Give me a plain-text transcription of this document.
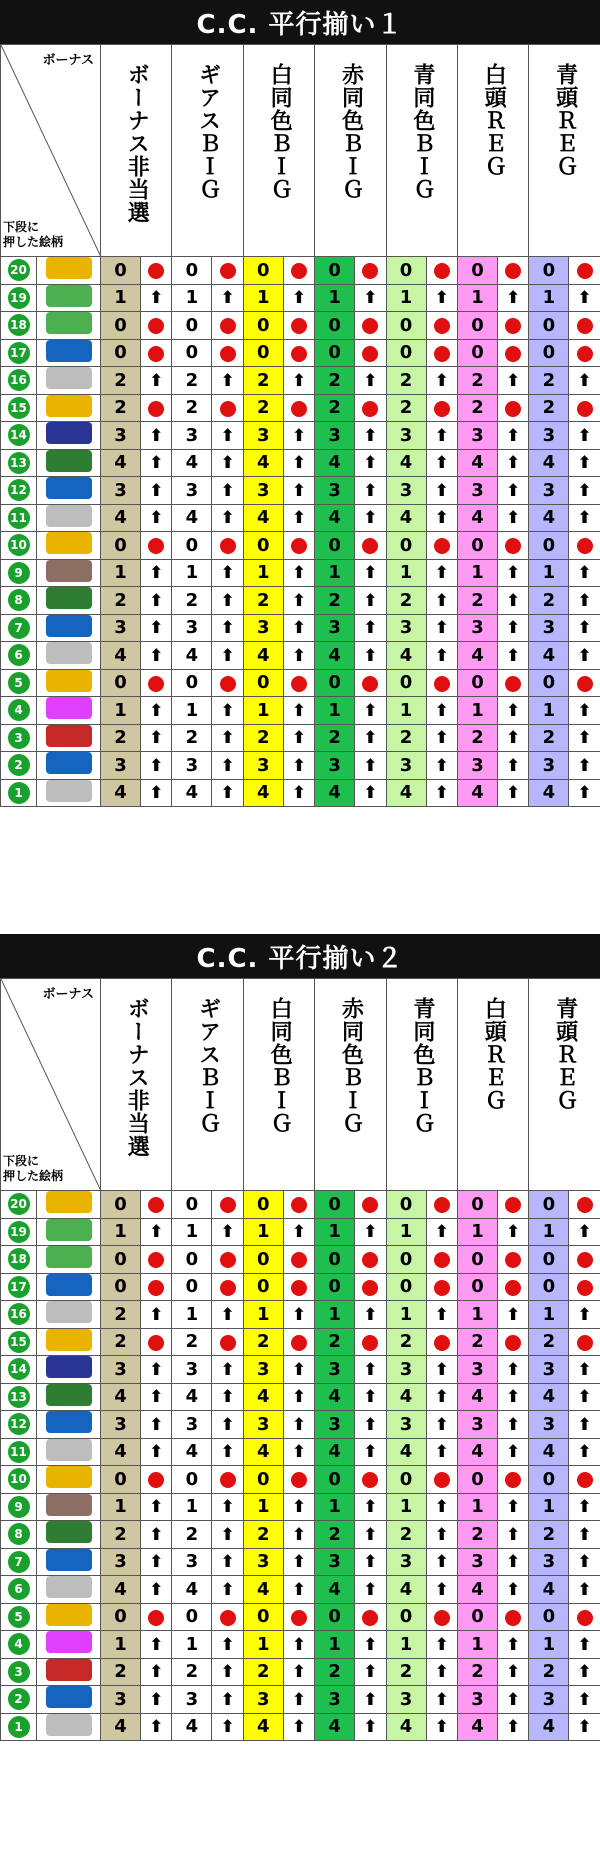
C.C. 平行揃い１
ボーナス
下段に
押した絵柄		ボーナス非当選		ギアスＢＩＧ		白同色ＢＩＧ		赤同色ＢＩＧ		青同色ＢＩＧ		白頭ＲＥＧ		青頭ＲＥＧ	

20		0		0		0		0		0		0		0	
19		1	⬆	1	⬆	1	⬆	1	⬆	1	⬆	1	⬆	1	⬆
18		0		0		0		0		0		0		0	
17		0		0		0		0		0		0		0	
16		2	⬆	2	⬆	2	⬆	2	⬆	2	⬆	2	⬆	2	⬆
15		2		2		2		2		2		2		2	
14		3	⬆	3	⬆	3	⬆	3	⬆	3	⬆	3	⬆	3	⬆
13		4	⬆	4	⬆	4	⬆	4	⬆	4	⬆	4	⬆	4	⬆
12		3	⬆	3	⬆	3	⬆	3	⬆	3	⬆	3	⬆	3	⬆
11		4	⬆	4	⬆	4	⬆	4	⬆	4	⬆	4	⬆	4	⬆
10		0		0		0		0		0		0		0	
9		1	⬆	1	⬆	1	⬆	1	⬆	1	⬆	1	⬆	1	⬆
8		2	⬆	2	⬆	2	⬆	2	⬆	2	⬆	2	⬆	2	⬆
7		3	⬆	3	⬆	3	⬆	3	⬆	3	⬆	3	⬆	3	⬆
6		4	⬆	4	⬆	4	⬆	4	⬆	4	⬆	4	⬆	4	⬆
5		0		0		0		0		0		0		0	
4		1	⬆	1	⬆	1	⬆	1	⬆	1	⬆	1	⬆	1	⬆
3		2	⬆	2	⬆	2	⬆	2	⬆	2	⬆	2	⬆	2	⬆
2		3	⬆	3	⬆	3	⬆	3	⬆	3	⬆	3	⬆	3	⬆
1		4	⬆	4	⬆	4	⬆	4	⬆	4	⬆	4	⬆	4	⬆
C.C. 平行揃い２
ボーナス
下段に
押した絵柄		ボーナス非当選		ギアスＢＩＧ		白同色ＢＩＧ		赤同色ＢＩＧ		青同色ＢＩＧ		白頭ＲＥＧ		青頭ＲＥＧ	

20		0		0		0		0		0		0		0	
19		1	⬆	1	⬆	1	⬆	1	⬆	1	⬆	1	⬆	1	⬆
18		0		0		0		0		0		0		0	
17		0		0		0		0		0		0		0	
16		2	⬆	1	⬆	1	⬆	1	⬆	1	⬆	1	⬆	1	⬆
15		2		2		2		2		2		2		2	
14		3	⬆	3	⬆	3	⬆	3	⬆	3	⬆	3	⬆	3	⬆
13		4	⬆	4	⬆	4	⬆	4	⬆	4	⬆	4	⬆	4	⬆
12		3	⬆	3	⬆	3	⬆	3	⬆	3	⬆	3	⬆	3	⬆
11		4	⬆	4	⬆	4	⬆	4	⬆	4	⬆	4	⬆	4	⬆
10		0		0		0		0		0		0		0	
9		1	⬆	1	⬆	1	⬆	1	⬆	1	⬆	1	⬆	1	⬆
8		2	⬆	2	⬆	2	⬆	2	⬆	2	⬆	2	⬆	2	⬆
7		3	⬆	3	⬆	3	⬆	3	⬆	3	⬆	3	⬆	3	⬆
6		4	⬆	4	⬆	4	⬆	4	⬆	4	⬆	4	⬆	4	⬆
5		0		0		0		0		0		0		0	
4		1	⬆	1	⬆	1	⬆	1	⬆	1	⬆	1	⬆	1	⬆
3		2	⬆	2	⬆	2	⬆	2	⬆	2	⬆	2	⬆	2	⬆
2		3	⬆	3	⬆	3	⬆	3	⬆	3	⬆	3	⬆	3	⬆
1		4	⬆	4	⬆	4	⬆	4	⬆	4	⬆	4	⬆	4	⬆
